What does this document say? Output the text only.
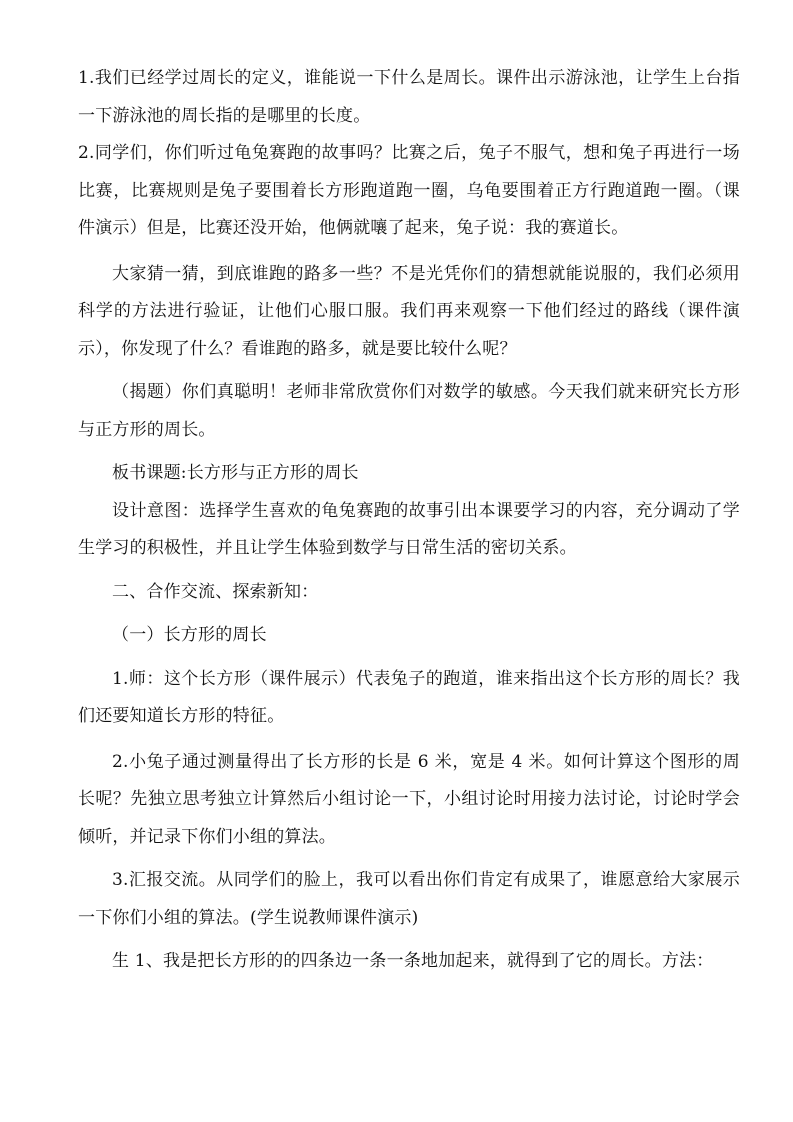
1.我们已经学过周长的定义，谁能说一下什么是周长。课件出示游泳池，让学生上台指一下游泳池的周长指的是哪里的长度。

2.同学们，你们听过龟兔赛跑的故事吗？比赛之后，兔子不服气，想和兔子再进行一场比赛，比赛规则是兔子要围着长方形跑道跑一圈，乌龟要围着正方行跑道跑一圈。（课件演示）但是，比赛还没开始，他俩就嚷了起来，兔子说：我的赛道长。

大家猜一猜，到底谁跑的路多一些？不是光凭你们的猜想就能说服的，我们必须用科学的方法进行验证，让他们心服口服。我们再来观察一下他们经过的路线（课件演示），你发现了什么？看谁跑的路多，就是要比较什么呢？

（揭题）你们真聪明！老师非常欣赏你们对数学的敏感。今天我们就来研究长方形与正方形的周长。

板书课题:长方形与正方形的周长

设计意图：选择学生喜欢的龟兔赛跑的故事引出本课要学习的内容，充分调动了学生学习的积极性，并且让学生体验到数学与日常生活的密切关系。

二、合作交流、探索新知：

（一）长方形的周长

1.师：这个长方形（课件展示）代表兔子的跑道，谁来指出这个长方形的周长？我们还要知道长方形的特征。

2.小兔子通过测量得出了长方形的长是 6 米，宽是 4 米。如何计算这个图形的周长呢？先独立思考独立计算然后小组讨论一下，小组讨论时用接力法讨论，讨论时学会倾听，并记录下你们小组的算法。

3.汇报交流。从同学们的脸上，我可以看出你们肯定有成果了，谁愿意给大家展示一下你们小组的算法。(学生说教师课件演示)

生 1、我是把长方形的的四条边一条一条地加起来，就得到了它的周长。方法：
